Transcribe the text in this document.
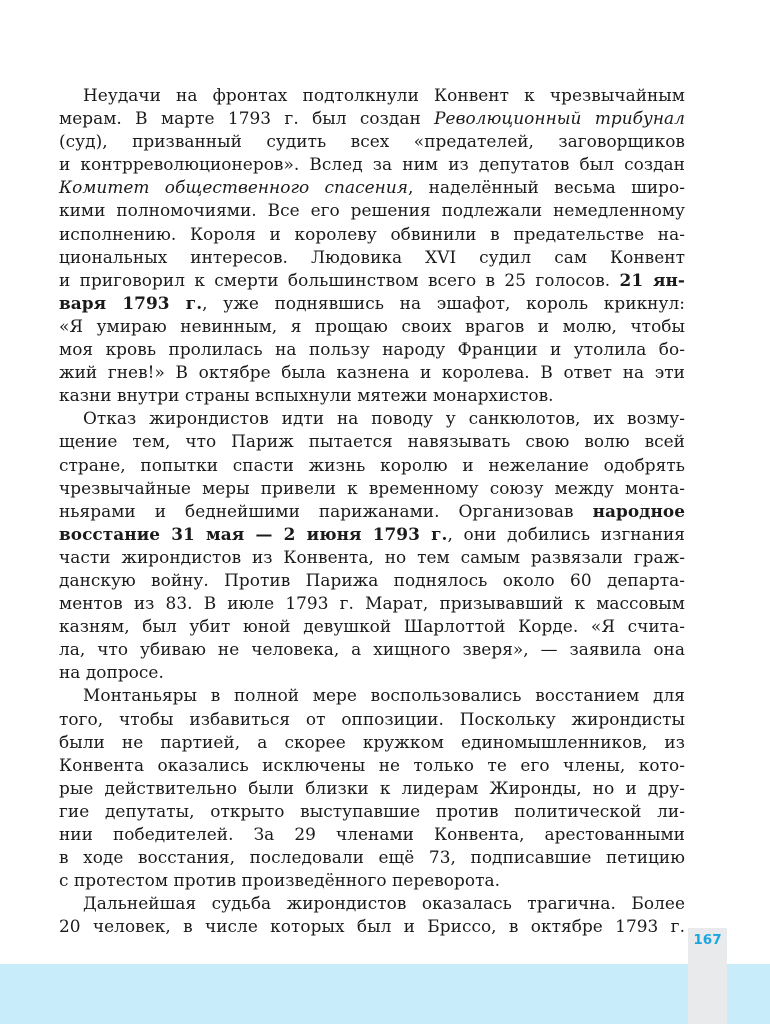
Неудачи на фронтах подтолкнули Конвент к чрезвычайным
мерам. В марте 1793 г. был создан Революционный трибунал
(суд), призванный судить всех «предателей, заговорщиков
и контрреволюционеров». Вслед за ним из депутатов был создан
Комитет общественного спасения, наделённый весьма широ-
кими полномочиями. Все его решения подлежали немедленному
исполнению. Короля и королеву обвинили в предательстве на-
циональных интересов. Людовика XVI судил сам Конвент
и приговорил к смерти большинством всего в 25 голосов. 21 ян-
варя 1793 г., уже поднявшись на эшафот, король крикнул:
«Я умираю невинным, я прощаю своих врагов и молю, чтобы
моя кровь пролилась на пользу народу Франции и утолила бо-
жий гнев!» В октябре была казнена и королева. В ответ на эти
казни внутри страны вспыхнули мятежи монархистов.
Отказ жирондистов идти на поводу у санкюлотов, их возму-
щение тем, что Париж пытается навязывать свою волю всей
стране, попытки спасти жизнь королю и нежелание одобрять
чрезвычайные меры привели к временному союзу между монта-
ньярами и беднейшими парижанами. Организовав народное
восстание 31 мая — 2 июня 1793 г., они добились изгнания
части жирондистов из Конвента, но тем самым развязали граж-
данскую войну. Против Парижа поднялось около 60 департа-
ментов из 83. В июле 1793 г. Марат, призывавший к массовым
казням, был убит юной девушкой Шарлоттой Корде. «Я счита-
ла, что убиваю не человека, а хищного зверя», — заявила она
на допросе.
Монтаньяры в полной мере воспользовались восстанием для
того, чтобы избавиться от оппозиции. Поскольку жирондисты
были не партией, а скорее кружком единомышленников, из
Конвента оказались исключены не только те его члены, кото-
рые действительно были близки к лидерам Жиронды, но и дру-
гие депутаты, открыто выступавшие против политической ли-
нии победителей. За 29 членами Конвента, арестованными
в ходе восстания, последовали ещё 73, подписавшие петицию
с протестом против произведённого переворота.
Дальнейшая судьба жирондистов оказалась трагична. Более
20 человек, в числе которых был и Бриссо, в октябре 1793 г.
167
